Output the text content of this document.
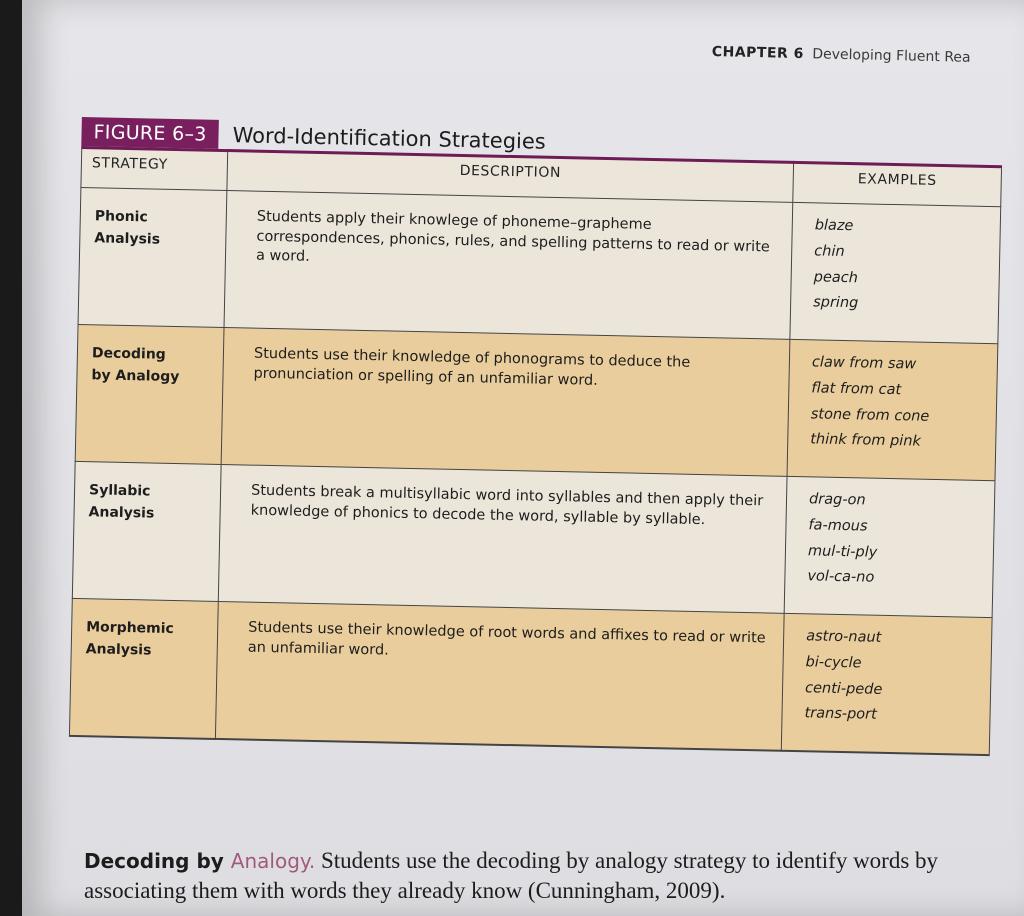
CHAPTER 6 Developing Fluent Rea
FIGURE 6–3	Word-Identification Strategies
STRATEGY	DESCRIPTION	EXAMPLES

Phonic
Analysis	Students apply their knowlege of phoneme–grapheme correspondences, phonics, rules, and spelling patterns to read or write a word.	blaze
chin
peach
spring

Decoding
by Analogy	Students use their knowledge of phonograms to deduce the pronunciation or spelling of an unfamiliar word.	claw from saw
flat from cat
stone from cone
think from pink

Syllabic
Analysis	Students break a multisyllabic word into syllables and then apply their knowledge of phonics to decode the word, syllable by syllable.	drag-on
fa-mous
mul-ti-ply
vol-ca-no

Morphemic
Analysis	Students use their knowledge of root words and affixes to read or write an unfamiliar word.	astro-naut
bi-cycle
centi-pede
trans-port
Decoding by Analogy. Students use the decoding by analogy strategy to identify words by associating them with words they already know (Cunningham, 2009).
